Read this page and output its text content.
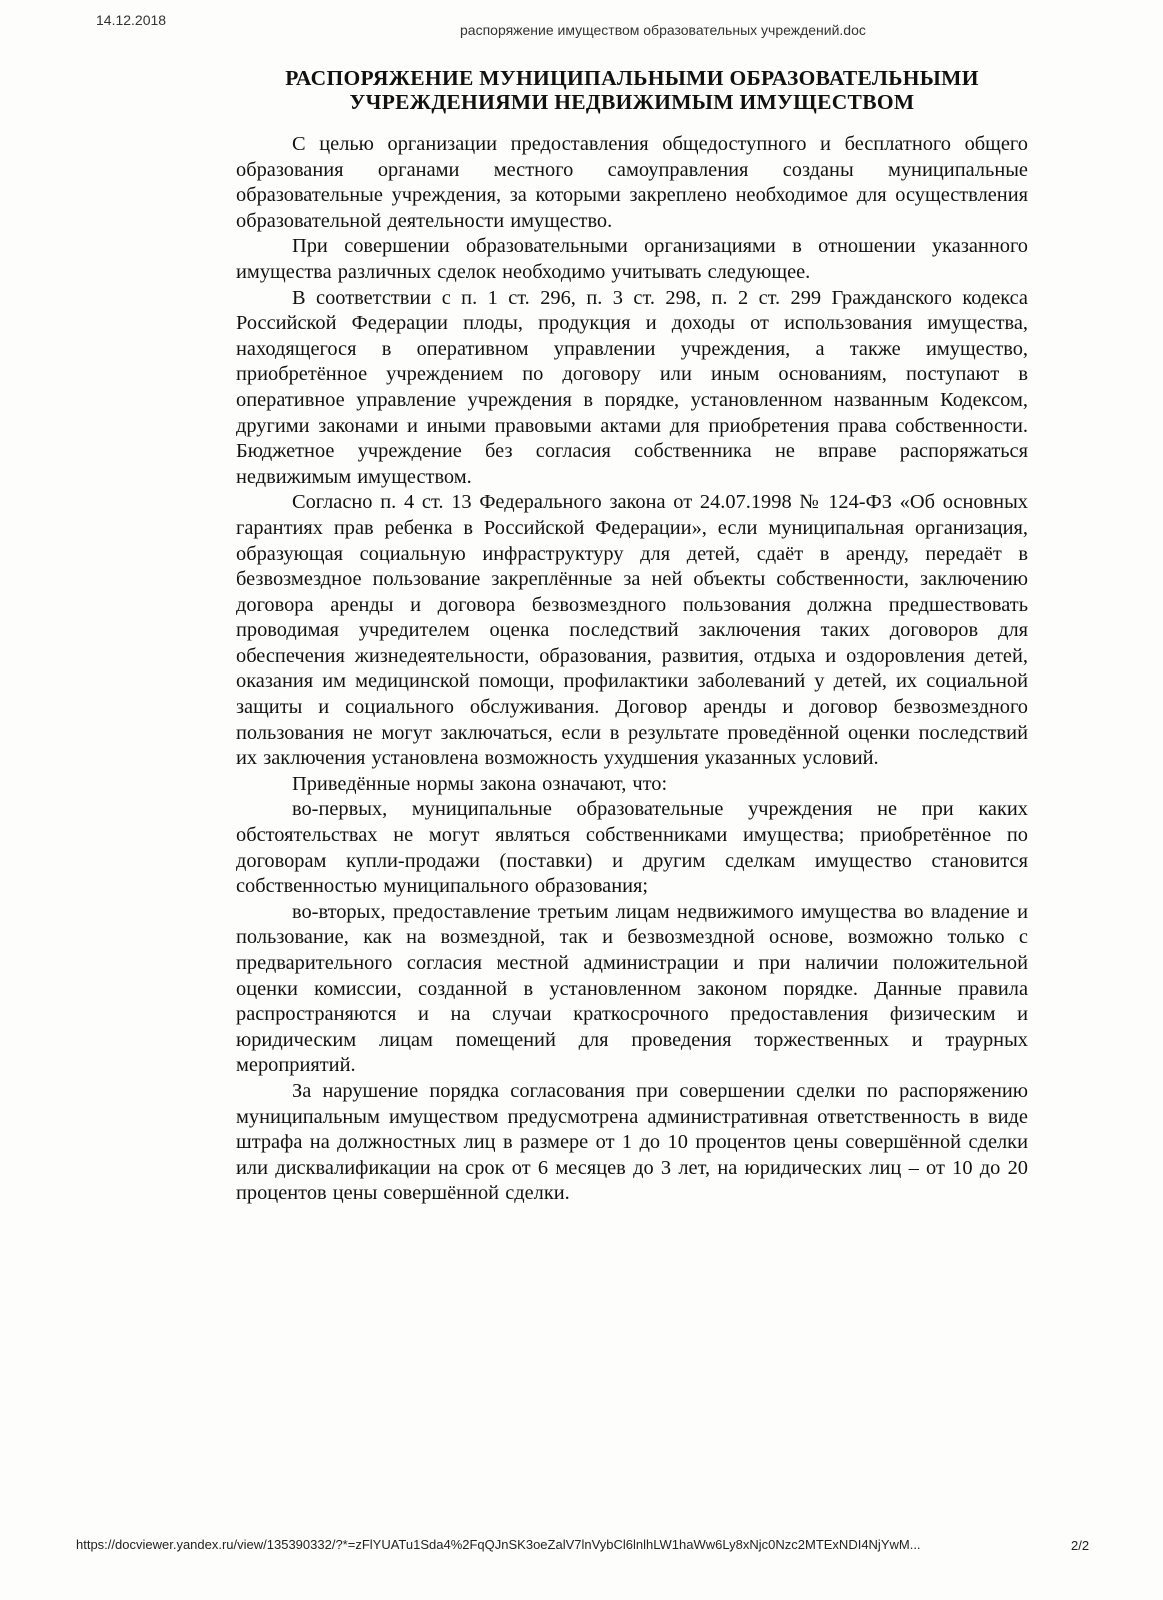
14.12.2018
распоряжение имуществом образовательных учреждений.doc
РАСПОРЯЖЕНИЕ МУНИЦИПАЛЬНЫМИ ОБРАЗОВАТЕЛЬНЫМИ
УЧРЕЖДЕНИЯМИ НЕДВИЖИМЫМ ИМУЩЕСТВОМ

С целью организации предоставления общедоступного и бесплатного общего образования органами местного самоуправления созданы муниципальные образовательные учреждения, за которыми закреплено необходимое для осуществления образовательной деятельности имущество.

При совершении образовательными организациями в отношении указанного имущества различных сделок необходимо учитывать следующее.

В соответствии с п. 1 ст. 296, п. 3 ст. 298, п. 2 ст. 299 Гражданского кодекса Российской Федерации плоды, продукция и доходы от использования имущества, находящегося в оперативном управлении учреждения, а также имущество, приобретённое учреждением по договору или иным основаниям, поступают в оперативное управление учреждения в порядке, установленном названным Кодексом, другими законами и иными правовыми актами для приобретения права собственности. Бюджетное учреждение без согласия собственника не вправе распоряжаться недвижимым имуществом.

Согласно п. 4 ст. 13 Федерального закона от 24.07.1998 № 124-ФЗ «Об основных гарантиях прав ребенка в Российской Федерации», если муниципальная организация, образующая социальную инфраструктуру для детей, сдаёт в аренду, передаёт в безвозмездное пользование закреплённые за ней объекты собственности, заключению договора аренды и договора безвозмездного пользования должна предшествовать проводимая учредителем оценка последствий заключения таких договоров для обеспечения жизнедеятельности, образования, развития, отдыха и оздоровления детей, оказания им медицинской помощи, профилактики заболеваний у детей, их социальной защиты и социального обслуживания. Договор аренды и договор безвозмездного пользования не могут заключаться, если в результате проведённой оценки последствий их заключения установлена возможность ухудшения указанных условий.

Приведённые нормы закона означают, что:

во-первых, муниципальные образовательные учреждения не при каких обстоятельствах не могут являться собственниками имущества; приобретённое по договорам купли-продажи (поставки) и другим сделкам имущество становится собственностью муниципального образования;

во-вторых, предоставление третьим лицам недвижимого имущества во владение и пользование, как на возмездной, так и безвозмездной основе, возможно только с предварительного согласия местной администрации и при наличии положительной оценки комиссии, созданной в установленном законом порядке. Данные правила распространяются и на случаи краткосрочного предоставления физическим и юридическим лицам помещений для проведения торжественных и траурных мероприятий.

За нарушение порядка согласования при совершении сделки по распоряжению муниципальным имуществом предусмотрена административная ответственность в виде штрафа на должностных лиц в размере от 1 до 10 процентов цены совершённой сделки или дисквалификации на срок от 6 месяцев до 3 лет, на юридических лиц – от 10 до 20 процентов цены совершённой сделки.

https://docviewer.yandex.ru/view/135390332/?*=zFlYUATu1Sda4%2FqQJnSK3oeZalV7lnVybCl6lnlhLW1haWw6Ly8xNjc0Nzc2MTExNDI4NjYwM...	2/2
